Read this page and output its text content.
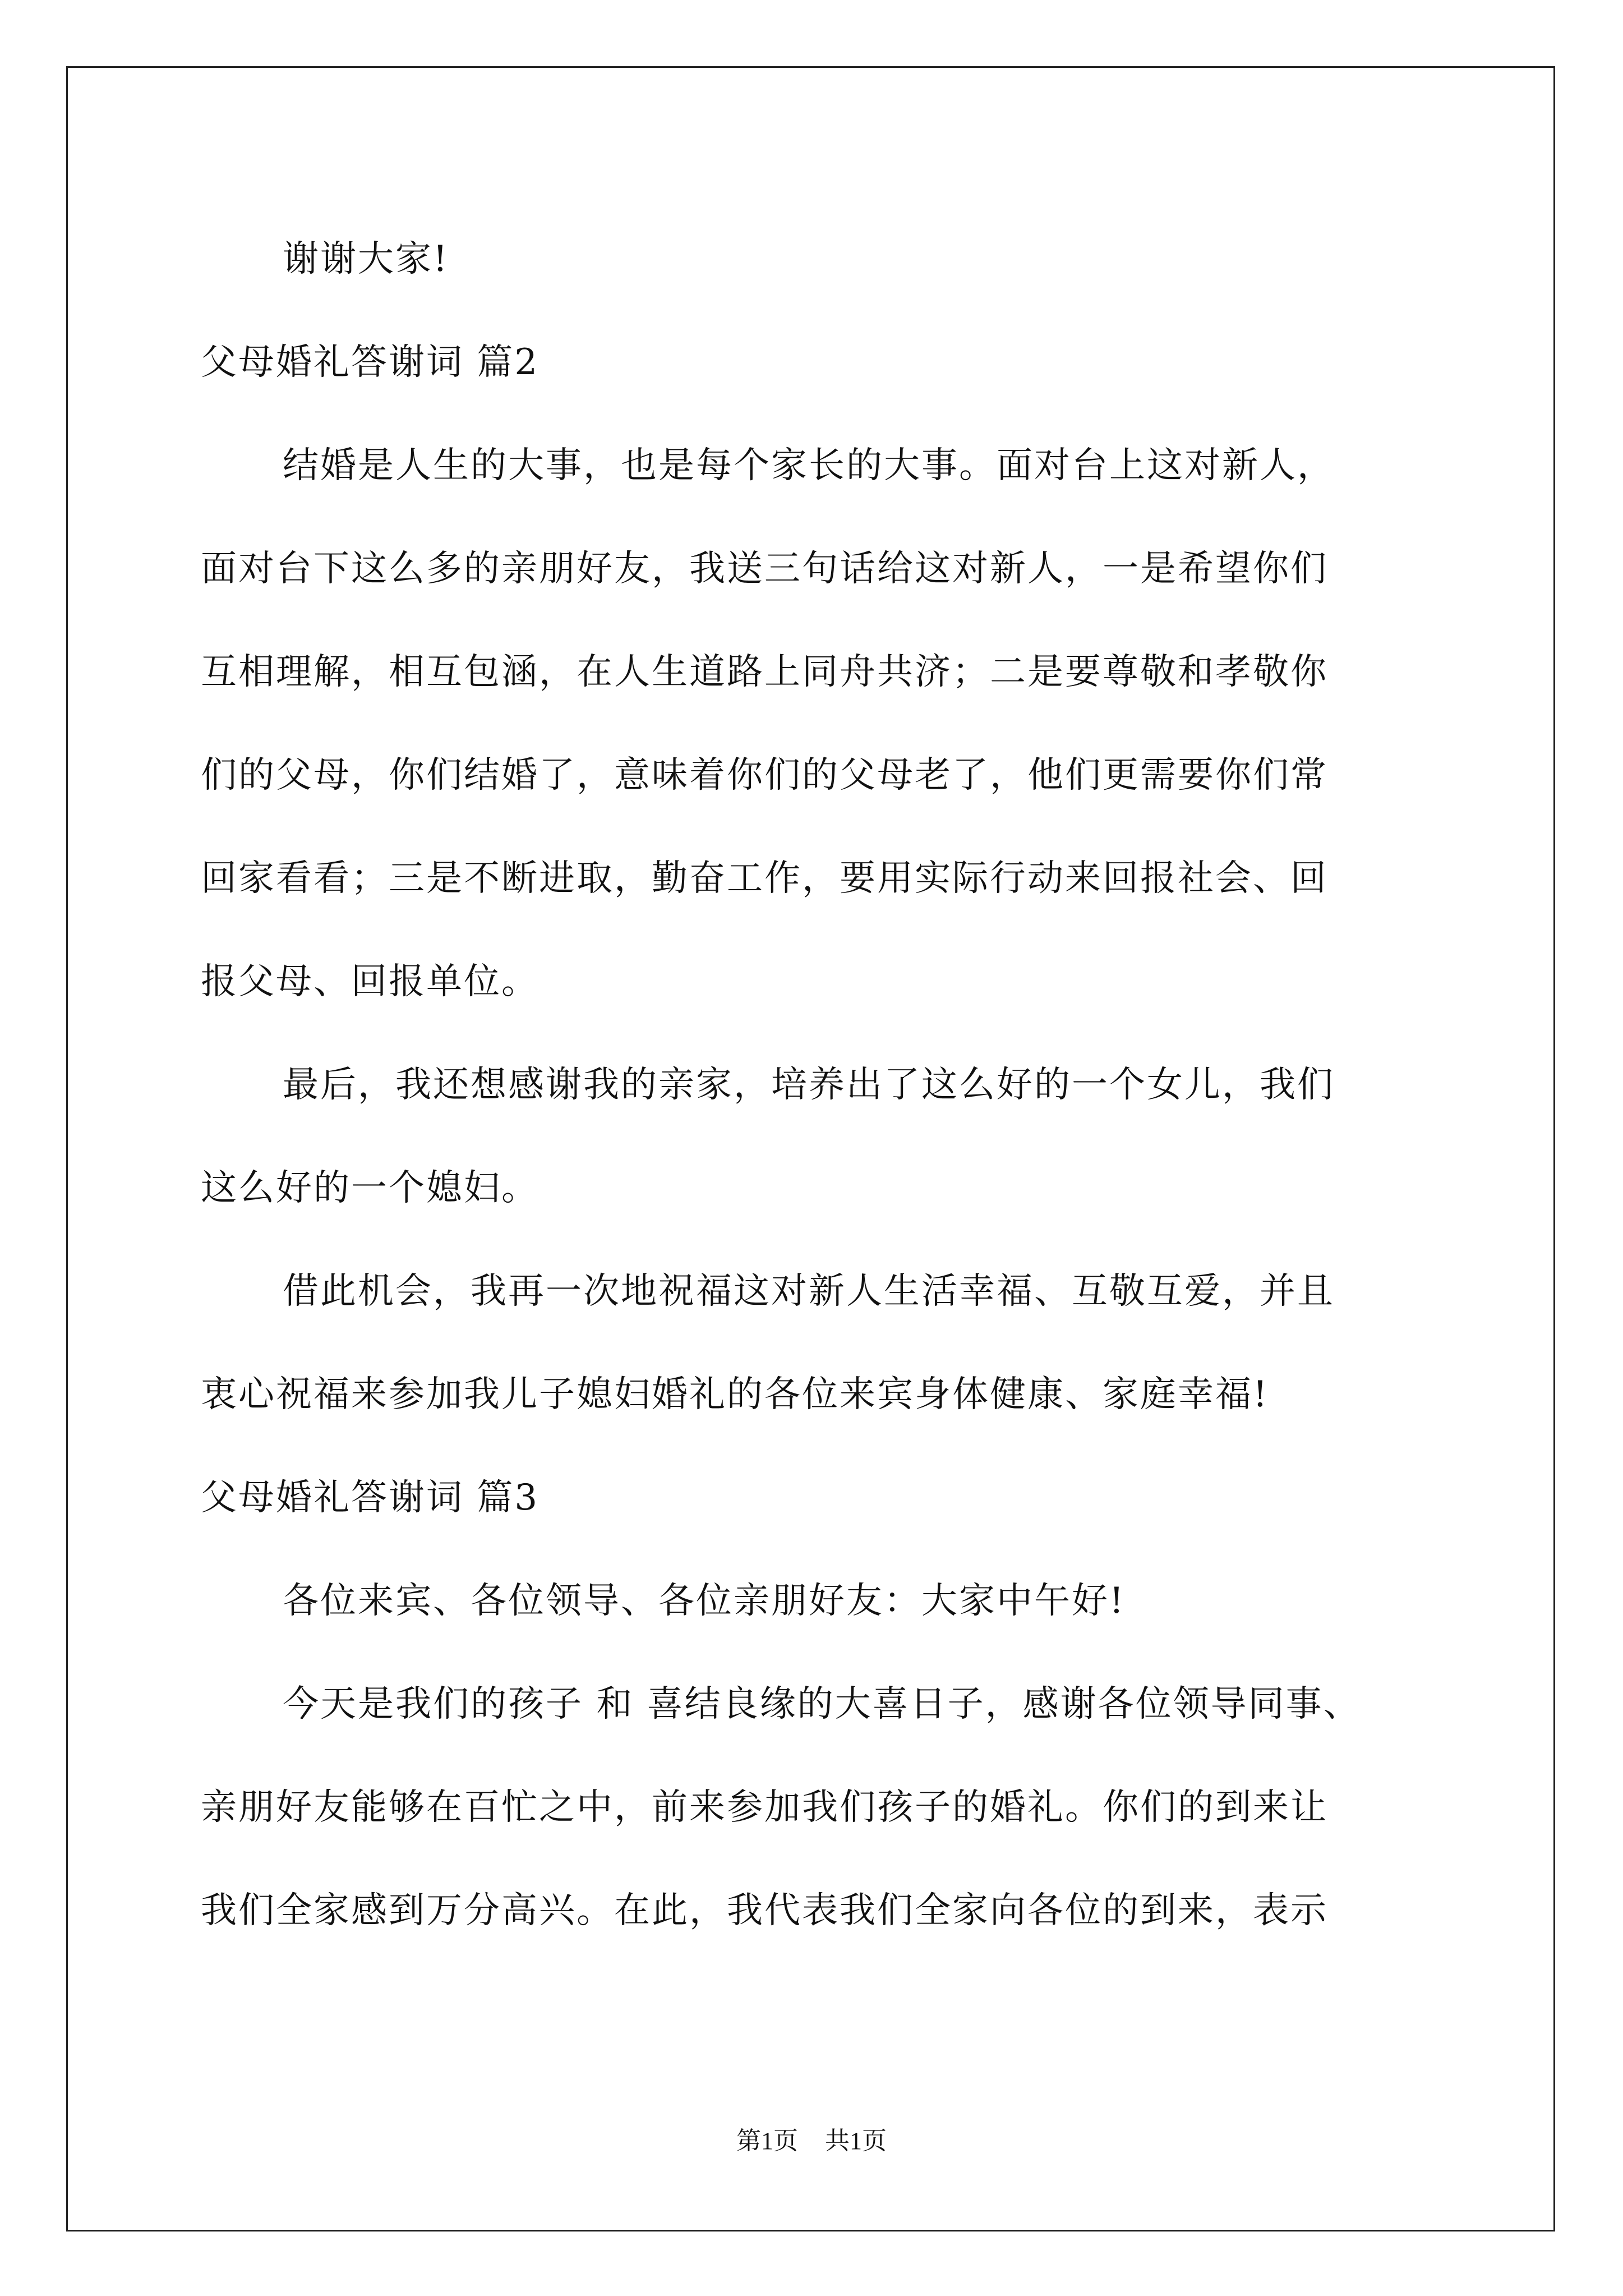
谢谢大家!
父母婚礼答谢词 篇2
结婚是人生的大事，也是每个家长的大事。面对台上这对新人，
面对台下这么多的亲朋好友，我送三句话给这对新人，一是希望你们
互相理解，相互包涵，在人生道路上同舟共济；二是要尊敬和孝敬你
们的父母，你们结婚了，意味着你们的父母老了，他们更需要你们常
回家看看；三是不断进取，勤奋工作，要用实际行动来回报社会、回
报父母、回报单位。
最后，我还想感谢我的亲家，培养出了这么好的一个女儿，我们
这么好的一个媳妇。
借此机会，我再一次地祝福这对新人生活幸福、互敬互爱，并且
衷心祝福来参加我儿子媳妇婚礼的各位来宾身体健康、家庭幸福!
父母婚礼答谢词 篇3
各位来宾、各位领导、各位亲朋好友：大家中午好!
今天是我们的孩子 和 喜结良缘的大喜日子，感谢各位领导同事、
亲朋好友能够在百忙之中，前来参加我们孩子的婚礼。你们的到来让
我们全家感到万分高兴。在此，我代表我们全家向各位的到来，表示
第1页 共1页
